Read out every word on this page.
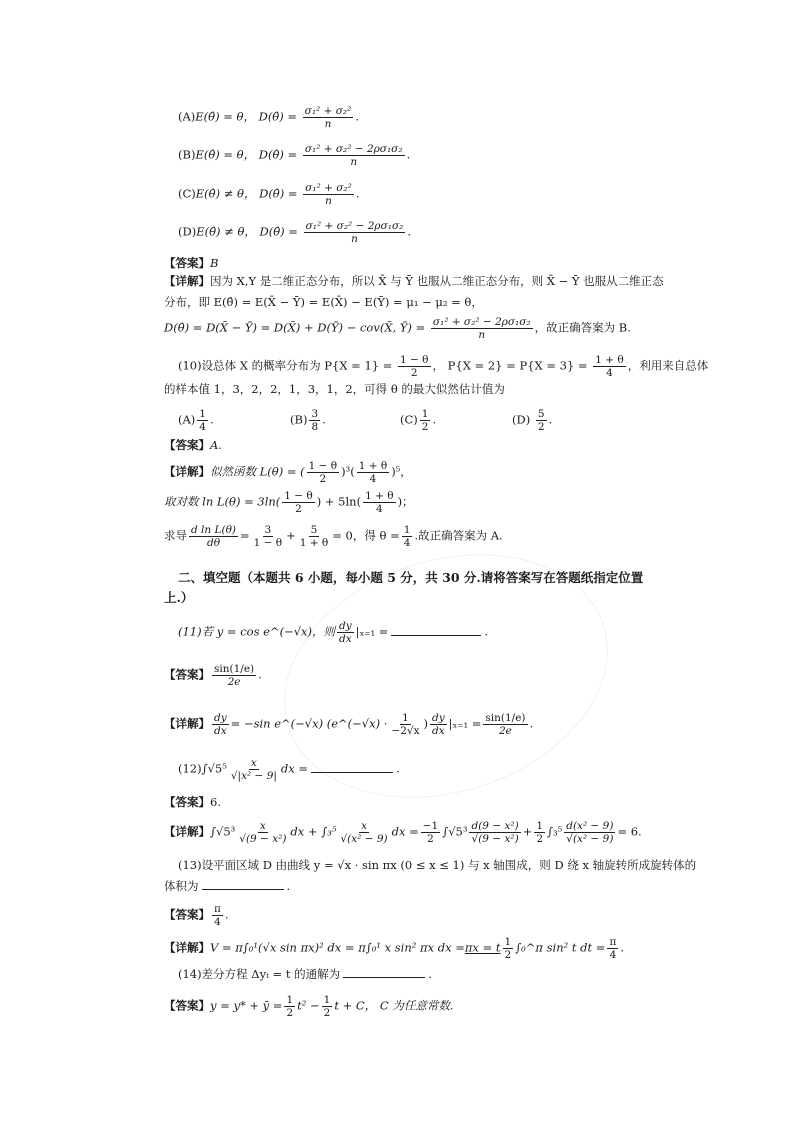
(A)E(θ̂) = θ， D(θ̂) = $\frac{\text{σ₁² + σ₂²}}{n}$ .
(B)E(θ̂) = θ， D(θ̂) = $\frac{\text{σ₁² + σ₂² − 2ρσ₁σ₂}}{n}$ .
(C)E(θ̂) ≠ θ， D(θ̂) = $\frac{\text{σ₁² + σ₂²}}{n}$ .
(D)E(θ̂) ≠ θ， D(θ̂) = $\frac{\text{σ₁² + σ₂² − 2ρσ₁σ₂}}{n}$ .
【答案】B
【详解】因为 X,Y 是二维正态分布，所以 X̄ 与 Ȳ 也服从二维正态分布，则 X̄ − Ȳ 也服从二维正态
分布，即 E(θ̂) = E(X̄ − Ȳ) = E(X̄) − E(Ȳ) = μ₁ − μ₂ = θ，
D(θ̂) = D(X̄ − Ȳ) = D(X̄) + D(Ȳ) − cov(X̄, Ȳ) = $\frac{\text{σ₁² + σ₂² − 2ρσ₁σ₂}}{n}$ ，故正确答案为 B.
(10)设总体 X 的概率分布为 $P\{X = 1\} = \frac{1 - \theta}{2}$ ， $P\{X = 2\} = P\{X = 3\} = \frac{1 + \theta}{4}$ ，利用来自总体
的样本值 1，3，2，2，1，3，1，2，可得 θ 的最大似然估计值为
$(A) \frac{1}{4}$ .	$(B) \frac{3}{8}$ .	$(C) \frac{1}{2}$ .	$(D) \frac{5}{2}$ .
【答案】A.
【详解】似然函数 L(θ) = ( $\frac{1 - \theta}{2} )^3( \frac{1 + \theta}{4} )^5$，
取对数 $\ln L(\theta) = 3\ln( \frac{1 - \theta}{2}$ ) + $5\ln( \frac{1 + \theta}{4}$ )；
求导 $\frac{\text{d ln L(θ)}}{d\theta} = \frac{3}{1 - \theta} + \frac{5}{1 + \theta} = 0$，得 $\theta = \frac{1}{4}$ .故正确答案为 A.
二、填空题（本题共 6 小题，每小题 5 分，共 30 分.请将答案写在答题纸指定位置
上.）
(11)若 y = cos e^(−√x)，则 $\frac{dy}{dx} |_{x=1}$ =	.
【答案】 $\frac{\sin(1/e)}{2e}$ .
【详解】 $\frac{dy}{dx} = -\sin$ e^(−√x) (e^(−√x) · $\frac{1}{-2√x}$ ) $\frac{dy}{dx} |_{x=1} = \frac{\sin(1/e)}{2e}$ .
$(12)\int√5^5 \frac{x}{\text{√|x² − 9|}}$ dx =	.
【答案】6.
【详解】$\int√5^3 \frac{x}{\text{√(9 − x²)}}$ dx + $\int_3^5 \frac{x}{\text{√(x² − 9)}}$ dx = $\frac{-1}{2} \int√5^3 \frac{\text{d(9 − x²)}}{\text{√(9 − x²)}} + \frac{1}{2} \int_3^5 \frac{\text{d(x² − 9)}}{\text{√(x² − 9)}} = 6$.
(13)设平面区域 D 由曲线 y = √x · sin πx (0 ≤ x ≤ 1) 与 x 轴围成，则 D 绕 x 轴旋转所成旋转体的
体积为	.
【答案】 $\frac{\pi}{4}$ .
【详解】V = π∫₀¹(√x sin πx)² dx = π∫₀¹ x sin² πx dx =πx = t $\frac{1}{2}$ ∫₀^π sin² t dt = $\frac{\pi}{4}$ .
(14)差分方程 Δyₜ = t 的通解为	.
【答案】y = y* + ȳ = $\frac{1}{2} t^2 - \frac{1}{2}$ t + C， C 为任意常数.
